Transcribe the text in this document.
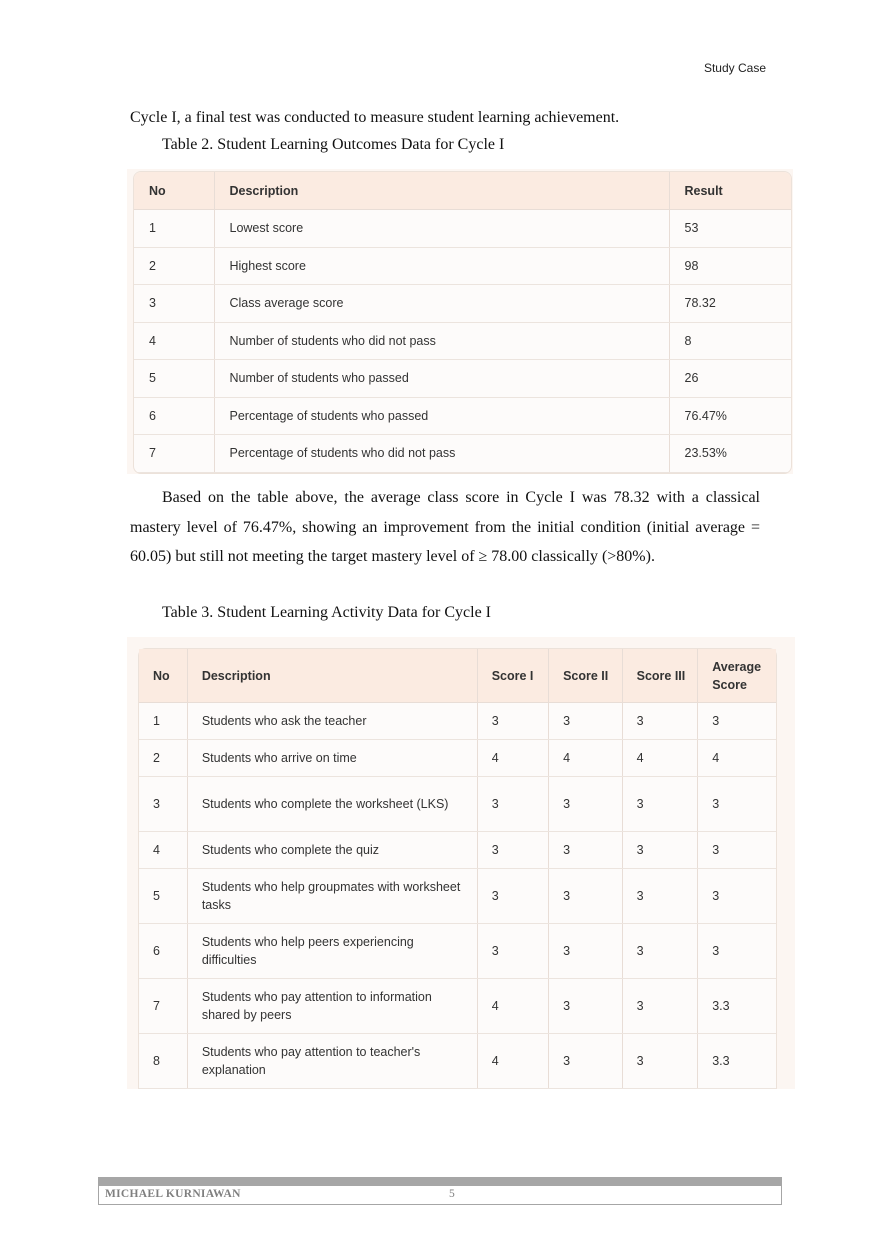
Study Case

Cycle I, a final test was conducted to measure student learning achievement.

Table 2. Student Learning Outcomes Data for Cycle I

No	Description	Result
1	Lowest score	53
2	Highest score	98
3	Class average score	78.32
4	Number of students who did not pass	8
5	Number of students who passed	26
6	Percentage of students who passed	76.47%
7	Percentage of students who did not pass	23.53%

Based on the table above, the average class score in Cycle I was 78.32 with a classical mastery level of 76.47%, showing an improvement from the initial condition (initial average = 60.05) but still not meeting the target mastery level of ≥ 78.00 classically (>80%).

Table 3. Student Learning Activity Data for Cycle I

No	Description	Score I	Score II	Score III	Average Score
1	Students who ask the teacher	3	3	3	3
2	Students who arrive on time	4	4	4	4
3	Students who complete the worksheet (LKS)	3	3	3	3
4	Students who complete the quiz	3	3	3	3
5	Students who help groupmates with worksheet tasks	3	3	3	3
6	Students who help peers experiencing difficulties	3	3	3	3
7	Students who pay attention to information shared by peers	4	3	3	3.3
8	Students who pay attention to teacher's explanation	4	3	3	3.3
MICHAEL KURNIAWAN	5
